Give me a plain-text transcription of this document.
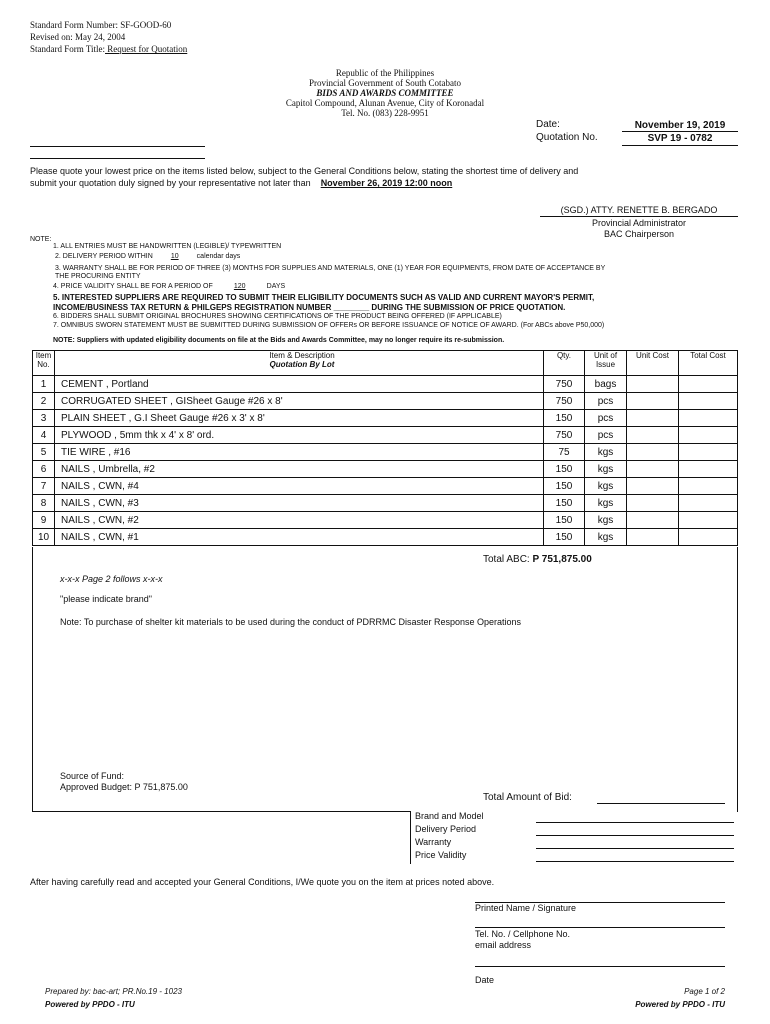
Standard Form Number: SF-GOOD-60
Revised on: May 24, 2004
Standard Form Title: Request for Quotation
Republic of the Philippines
Provincial Government of South Cotabato
BIDS AND AWARDS COMMITTEE
Capitol Compound, Alunan Avenue, City of Koronadal
Tel. No. (083) 228-9951
Date:	November 19, 2019
Quotation No.	SVP 19 - 0782
Please quote your lowest price on the items listed below, subject to the General Conditions below, stating the shortest time of delivery and
submit your quotation duly signed by your representative not later than November 26, 2019 12:00 noon
(SGD.) ATTY. RENETTE B. BERGADO
Provincial Administrator
BAC Chairperson
NOTE:
1. ALL ENTRIES MUST BE HANDWRITTEN (LEGIBLE)/ TYPEWRITTEN
2. DELIVERY PERIOD WITHIN	10	calendar days
3. WARRANTY SHALL BE FOR PERIOD OF THREE (3) MONTHS FOR SUPPLIES AND MATERIALS, ONE (1) YEAR FOR EQUIPMENTS, FROM DATE OF ACCEPTANCE BY
THE PROCURING ENTITY
4. PRICE VALIDITY SHALL BE FOR A PERIOD OF	120	DAYS
5. INTERESTED SUPPLIERS ARE REQUIRED TO SUBMIT THEIR ELIGIBILITY DOCUMENTS SUCH AS VALID AND CURRENT MAYOR'S PERMIT,
INCOME/BUSINESS TAX RETURN & PHILGEPS REGISTRATION NUMBER ________ DURING THE SUBMISSION OF PRICE QUOTATION.
6. BIDDERS SHALL SUBMIT ORIGINAL BROCHURES SHOWING CERTIFICATIONS OF THE PRODUCT BEING OFFERED (IF APPLICABLE)
7. OMNIBUS SWORN STATEMENT MUST BE SUBMITTED DURING SUBMISSION OF OFFERs OR BEFORE ISSUANCE OF NOTICE OF AWARD. (For ABCs above P50,000)
NOTE: Suppliers with updated eligibility documents on file at the Bids and Awards Committee, may no longer require its re-submission.
Item
No.	Item & Description
Quotation By Lot	Qty.	Unit of
Issue	Unit Cost	Total Cost
1	CEMENT , Portland	750	bags		
2	CORRUGATED SHEET , GISheet Gauge #26 x 8'	750	pcs		
3	PLAIN SHEET , G.I Sheet Gauge #26 x 3' x 8'	150	pcs		
4	PLYWOOD , 5mm thk x 4' x 8' ord.	750	pcs		
5	TIE WIRE , #16	75	kgs		
6	NAILS , Umbrella, #2	150	kgs		
7	NAILS , CWN, #4	150	kgs		
8	NAILS , CWN, #3	150	kgs		
9	NAILS , CWN, #2	150	kgs		
10	NAILS , CWN, #1	150	kgs		
Total ABC: P 751,875.00
x-x-x Page 2 follows x-x-x
"please indicate brand"
Note: To purchase of shelter kit materials to be used during the conduct of PDRRMC Disaster Response Operations
Source of Fund:
Approved Budget: P 751,875.00
Total Amount of Bid:
Brand and Model
Delivery Period
Warranty
Price Validity
After having carefully read and accepted your General Conditions, I/We quote you on the item at prices noted above.
Printed Name / Signature
Tel. No. / Cellphone No.
email address
Date
Prepared by: bac-art; PR.No.19 - 1023
Powered by PPDO - ITU
Page 1 of 2
Powered by PPDO - ITU
